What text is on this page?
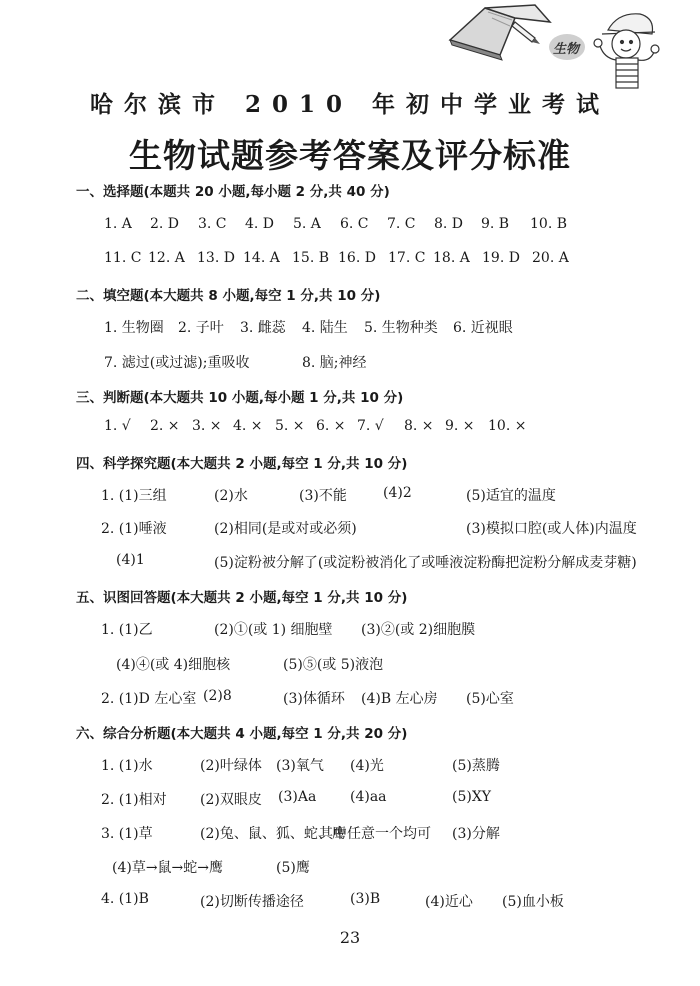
生物
哈尔滨市 2010 年初中学业考试
生物试题参考答案及评分标准
一、选择题(本题共 20 小题,每小题 2 分,共 40 分)
1. A 2. D 3. C 4. D 5. A 6. C 7. C 8. D 9. B 10. B
11. C 12. A 13. D 14. A 15. B 16. D 17. C 18. A 19. D 20. A
二、填空题(本大题共 8 小题,每空 1 分,共 10 分)
1. 生物圈 2. 子叶 3. 雌蕊 4. 陆生 5. 生物种类 6. 近视眼
7. 滤过(或过滤);重吸收	8. 脑;神经
三、判断题(本大题共 10 小题,每小题 1 分,共 10 分)
1. √ 2. × 3. × 4. × 5. × 6. × 7. √ 8. × 9. × 10. ×
四、科学探究题(本大题共 2 小题,每空 1 分,共 10 分)
1. (1)三组	(2)水	(3)不能	(4)2	(5)适宜的温度
2. (1)唾液	(2)相同(是或对或必须)	(3)模拟口腔(或人体)内温度
(4)1	(5)淀粉被分解了(或淀粉被消化了或唾液淀粉酶把淀粉分解成麦芽糖)
五、识图回答题(本大题共 2 小题,每空 1 分,共 10 分)
1. (1)乙	(2)①(或 1) 细胞壁 (3)②(或 2)细胞膜
(4)④(或 4)细胞核	(5)⑤(或 5)液泡
2. (1)D 左心室 (2)8	(3)体循环 (4)B 左心房 (5)心室
六、综合分析题(本大题共 4 小题,每空 1 分,共 20 分)
1. (1)水	(2)叶绿体 (3)氧气 (4)光	(5)蒸腾
2. (1)相对 (2)双眼皮 (3)Aa (4)aa	(5)XY
3. (1)草	(2)兔、鼠、狐、蛇、鹰
其中任意一个均可 (3)分解
(4)草→鼠→蛇→鹰	(5)鹰
4. (1)B	(2)切断传播途径	(3)B	(4)近心 (5)血小板
23
